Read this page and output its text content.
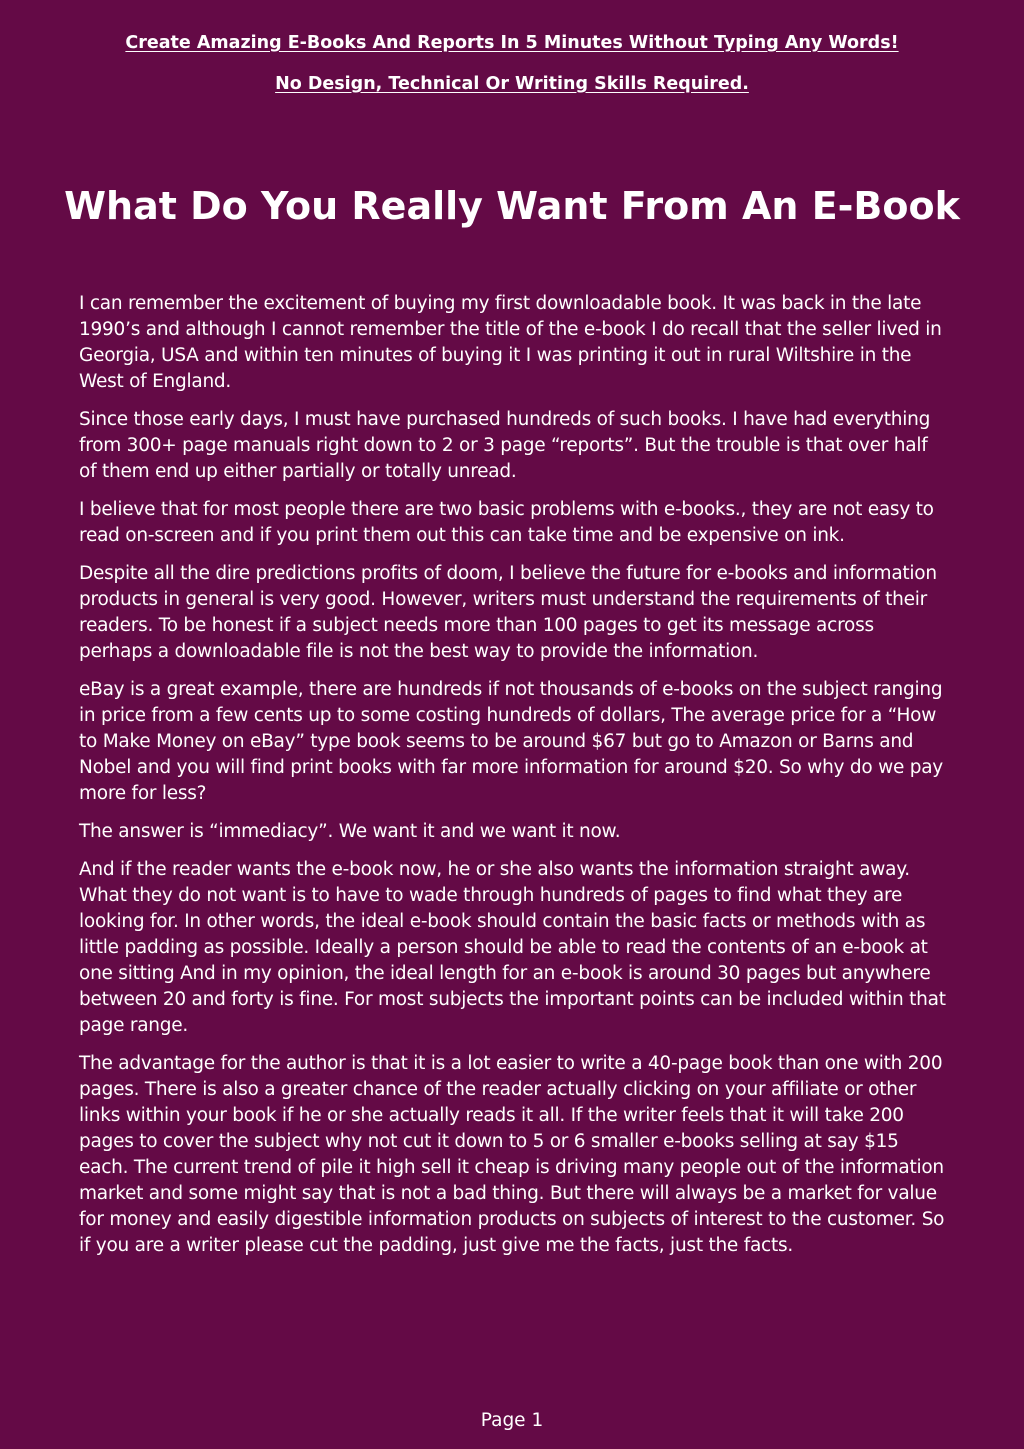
Create Amazing E-Books And Reports In 5 Minutes Without Typing Any Words!
No Design, Technical Or Writing Skills Required.
What Do You Really Want From An E-Book

I can remember the excitement of buying my first downloadable book. It was back in the late 1990’s and although I cannot remember the title of the e-book I do recall that the seller lived in Georgia, USA and within ten minutes of buying it I was printing it out in rural Wiltshire in the West of England.

Since those early days, I must have purchased hundreds of such books. I have had everything from 300+ page manuals right down to 2 or 3 page “reports”. But the trouble is that over half of them end up either partially or totally unread.

I believe that for most people there are two basic problems with e-books., they are not easy to read on-screen and if you print them out this can take time and be expensive on ink.

Despite all the dire predictions profits of doom, I believe the future for e-books and information products in general is very good. However, writers must understand the requirements of their readers. To be honest if a subject needs more than 100 pages to get its message across perhaps a downloadable file is not the best way to provide the information.

eBay is a great example, there are hundreds if not thousands of e-books on the subject ranging in price from a few cents up to some costing hundreds of dollars, The average price for a “How to Make Money on eBay” type book seems to be around $67 but go to Amazon or Barns and Nobel and you will find print books with far more information for around $20. So why do we pay more for less?

The answer is “immediacy”. We want it and we want it now.

And if the reader wants the e-book now, he or she also wants the information straight away. What they do not want is to have to wade through hundreds of pages to find what they are looking for. In other words, the ideal e-book should contain the basic facts or methods with as little padding as possible. Ideally a person should be able to read the contents of an e-book at one sitting And in my opinion, the ideal length for an e-book is around 30 pages but anywhere between 20 and forty is fine. For most subjects the important points can be included within that page range.

The advantage for the author is that it is a lot easier to write a 40-page book than one with 200 pages. There is also a greater chance of the reader actually clicking on your affiliate or other links within your book if he or she actually reads it all. If the writer feels that it will take 200 pages to cover the subject why not cut it down to 5 or 6 smaller e-books selling at say $15 each. The current trend of pile it high sell it cheap is driving many people out of the information market and some might say that is not a bad thing. But there will always be a market for value for money and easily digestible information products on subjects of interest to the customer. So if you are a writer please cut the padding, just give me the facts, just the facts.

Page 1
